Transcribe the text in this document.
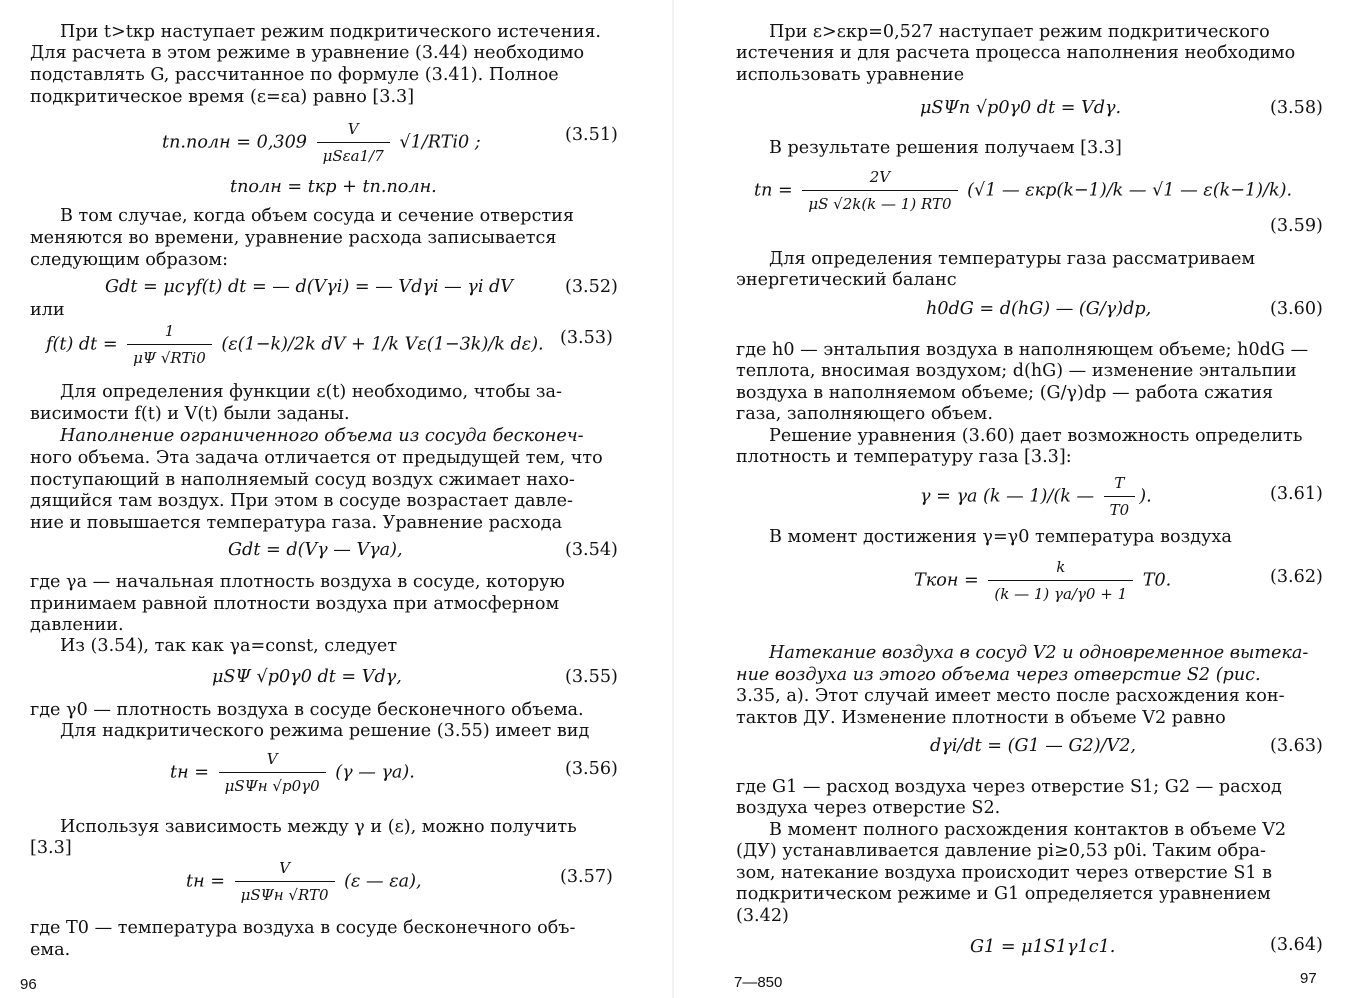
При t>tкр наступает режим подкритического истечения.
Для расчета в этом режиме в уравнение (3.44) необходимо
подставлять G, рассчитанное по формуле (3.41). Полное
подкритическое время (ε=εа) равно [3.3]
tп.полн = $0,309 \frac{V}{\text{μSεа1/7}} √1/RTi0$ ;	(3.51)
tполн = tкр + tп.полн.
В том случае, когда объем сосуда и сечение отверстия
меняются во времени, уравнение расхода записывается
следующим образом:
Gdt = μcγf(t) dt = — d(Vγi) = — Vdγi — γi dV	(3.52)
или
f(t) dt = $\frac{1}{\text{μΨ √RTi0}} (\varepsilon(1-k)/2k$ dV + 1/k Vε(1−3k)/k dε). (3.53)
Для определения функции ε(t) необходимо, чтобы за-
висимости f(t) и V(t) были заданы.
Наполнение ограниченного объема из сосуда бесконеч-
ного объема. Эта задача отличается от предыдущей тем, что
поступающий в наполняемый сосуд воздух сжимает нахо-
дящийся там воздух. При этом в сосуде возрастает давле-
ние и повышается температура газа. Уравнение расхода
Gdt = d(Vγ — Vγа),	(3.54)
где γа — начальная плотность воздуха в сосуде, которую
принимаем равной плотности воздуха при атмосферном
давлении.
Из (3.54), так как γа=const, следует
μSΨ √p0γ0 dt = Vdγ,	(3.55)
где γ0 — плотность воздуха в сосуде бесконечного объема.
Для надкритического режима решение (3.55) имеет вид
tн = $\frac{V}{\text{μSΨн √p0γ0}} (\gamma$ — γа).	(3.56)
Используя зависимость между γ и (ε), можно получить
[3.3]
tн = $\frac{V}{\text{μSΨн √RT0}} (\varepsilon$ — εа),	(3.57)
где T0 — температура воздуха в сосуде бесконечного объ-
ема.
96
При ε>εкр=0,527 наступает режим подкритического
истечения и для расчета процесса наполнения необходимо
использовать уравнение
μSΨп √p0γ0 dt = Vdγ.	(3.58)
В результате решения получаем [3.3]
tп = $\frac{2V}{\mu S √2k(k — 1) RT0} (√1$ — εкр(k−1)/k — √1 — ε(k−1)/k).
(3.59)
Для определения температуры газа рассматриваем
энергетический баланс
h0dG = d(hG) — (G/γ)dp,	(3.60)
где h0 — энтальпия воздуха в наполняющем объеме; h0dG —
теплота, вносимая воздухом; d(hG) — изменение энтальпии
воздуха в наполняемом объеме; (G/γ)dp — работа сжатия
газа, заполняющего объем.
Решение уравнения (3.60) дает возможность определить
плотность и температуру газа [3.3]:
γ = γа (k — 1)/(k — $\frac{T}{T0}$ ).	(3.61)
В момент достижения γ=γ0 температура воздуха
Tкон = $\frac{k}{(k — 1) \gamma а/\gamma 0 + 1} T0$.	(3.62)
Натекание воздуха в сосуд V2 и одновременное вытека-
ние воздуха из этого объема через отверстие S2 (рис.
3.35, а). Этот случай имеет место после расхождения кон-
тактов ДУ. Изменение плотности в объеме V2 равно
dγi/dt = (G1 — G2)/V2,	(3.63)
где G1 — расход воздуха через отверстие S1; G2 — расход
воздуха через отверстие S2.
В момент полного расхождения контактов в объеме V2
(ДУ) устанавливается давление pi≥0,53 p0i. Таким обра-
зом, натекание воздуха происходит через отверстие S1 в
подкритическом режиме и G1 определяется уравнением
(3.42)
G1 = μ1S1γ1c1.	(3.64)
7—850	97
